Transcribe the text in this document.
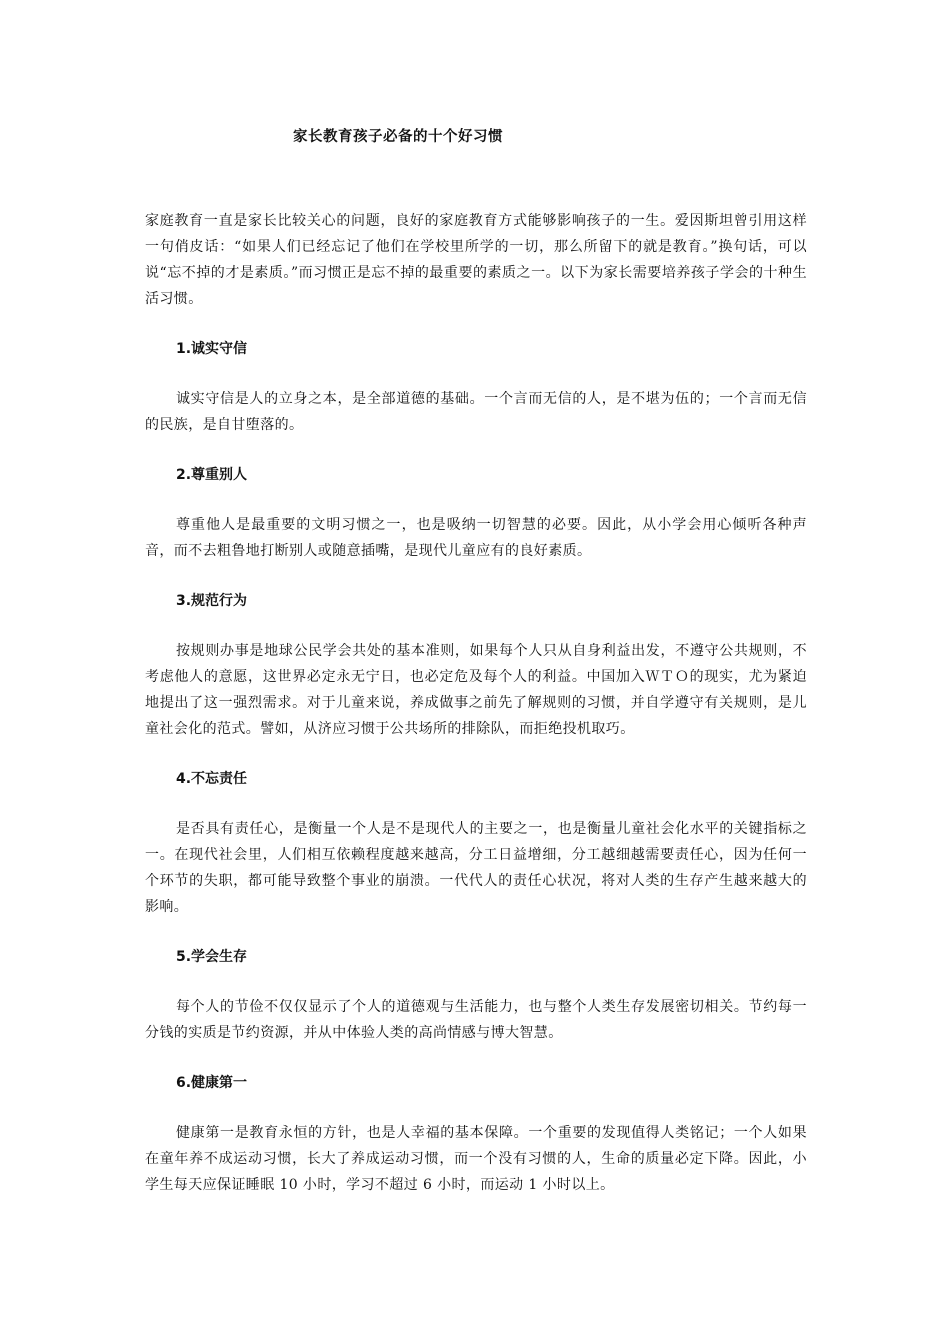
家长教育孩子必备的十个好习惯

家庭教育一直是家长比较关心的问题，良好的家庭教育方式能够影响孩子的一生。爱因斯坦曾引用这样一句俏皮话：“如果人们已经忘记了他们在学校里所学的一切，那么所留下的就是教育。”换句话，可以说“忘不掉的才是素质。”而习惯正是忘不掉的最重要的素质之一。以下为家长需要培养孩子学会的十种生活习惯。

1.诚实守信

诚实守信是人的立身之本，是全部道德的基础。一个言而无信的人，是不堪为伍的；一个言而无信的民族，是自甘堕落的。

2.尊重别人

尊重他人是最重要的文明习惯之一，也是吸纳一切智慧的必要。因此，从小学会用心倾听各种声音，而不去粗鲁地打断别人或随意插嘴，是现代儿童应有的良好素质。

3.规范行为

按规则办事是地球公民学会共处的基本准则，如果每个人只从自身利益出发，不遵守公共规则，不考虑他人的意愿，这世界必定永无宁日，也必定危及每个人的利益。中国加入ＷＴＯ的现实，尤为紧迫地提出了这一强烈需求。对于儿童来说，养成做事之前先了解规则的习惯，并自学遵守有关规则，是儿童社会化的范式。譬如，从济应习惯于公共场所的排除队，而拒绝投机取巧。

4.不忘责任

是否具有责任心，是衡量一个人是不是现代人的主要之一，也是衡量儿童社会化水平的关键指标之一。在现代社会里，人们相互依赖程度越来越高，分工日益增细，分工越细越需要责任心，因为任何一个环节的失职，都可能导致整个事业的崩溃。一代代人的责任心状况，将对人类的生存产生越来越大的影响。

5.学会生存

每个人的节俭不仅仅显示了个人的道德观与生活能力，也与整个人类生存发展密切相关。节约每一分钱的实质是节约资源，并从中体验人类的高尚情感与博大智慧。

6.健康第一

健康第一是教育永恒的方针，也是人幸福的基本保障。一个重要的发现值得人类铭记；一个人如果在童年养不成运动习惯，长大了养成运动习惯，而一个没有习惯的人，生命的质量必定下降。因此，小学生每天应保证睡眠 10 小时，学习不超过 6 小时，而运动 1 小时以上。
